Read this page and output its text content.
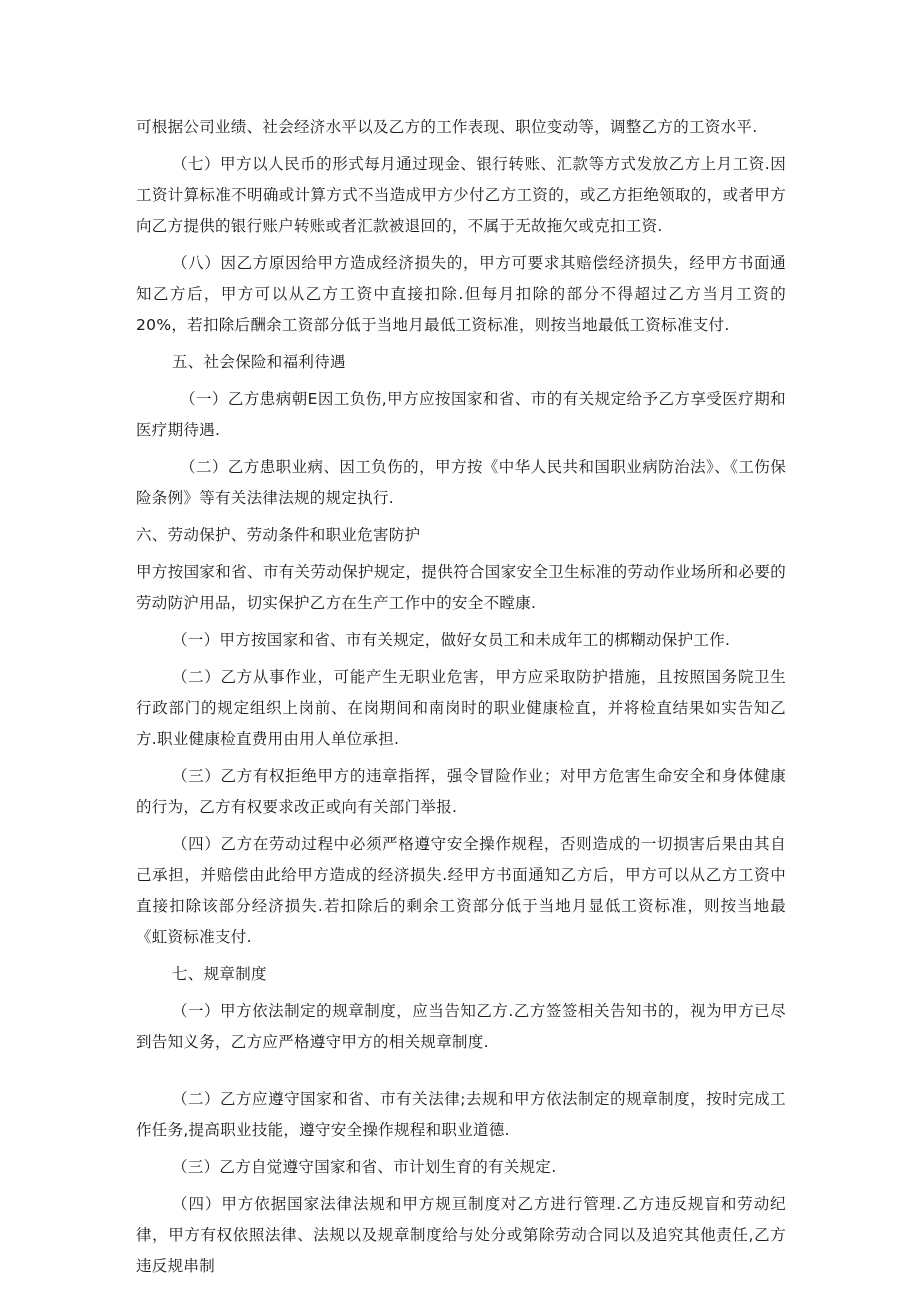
可根据公司业绩、社会经济水平以及乙方的工作表现、职位变动等，调整乙方的工资水平.

（七）甲方以人民币的形式每月通过现金、银行转账、汇款等方式发放乙方上月工资.因工资计算标准不明确或计算方式不当造成甲方少付乙方工资的，或乙方拒绝领取的，或者甲方向乙方提供的银行账户转账或者汇款被退回的，不属于无故拖欠或克扣工资.

（八）因乙方原因给甲方造成经济损失的，甲方可要求其赔偿经济损失，经甲方书面通知乙方后，甲方可以从乙方工资中直接扣除.但每月扣除的部分不得超过乙方当月工资的20%，若扣除后酬余工资部分低于当地月最低工资标准，则按当地最低工资标准支付.

五、社会保险和福利待遇

（一）乙方患病朝E因工负伤,甲方应按国家和省、市的有关规定给予乙方享受医疗期和医疗期待遇.

（二）乙方患职业病、因工负伤的，甲方按《中华人民共和国职业病防治法》、《工伤保险条例》等有关法律法规的规定执行.

六、劳动保护、劳动条件和职业危害防护

甲方按国家和省、市有关劳动保护规定，提供符合国家安全卫生标准的劳动作业场所和必要的劳动防沪用品，切实保护乙方在生产工作中的安全不瞠康.

（一）甲方按国家和省、市有关规定，做好女员工和未成年工的梆糊动保护工作.

（二）乙方从事作业，可能产生无职业危害，甲方应采取防护措施，且按照国务院卫生行政部门的规定组织上岗前、在岗期间和南岗时的职业健康检直，并将检直结果如实告知乙方.职业健康检直费用由用人单位承担.

（三）乙方有权拒绝甲方的违章指挥，强令冒险作业；对甲方危害生命安全和身体健康的行为，乙方有权要求改正或向有关部门举报.

（四）乙方在劳动过程中必须严格遵守安全操作规程，否则造成的一切损害后果由其自己承担，并赔偿由此给甲方造成的经济损失.经甲方书面通知乙方后，甲方可以从乙方工资中直接扣除该部分经济损失.若扣除后的剩余工资部分低于当地月显低工资标准，则按当地最《虹资标准支付.

七、规章制度

（一）甲方依法制定的规章制度，应当告知乙方.乙方签签相关告知书的，视为甲方已尽到告知义务，乙方应严格遵守甲方的相关规章制度.

（二）乙方应遵守国家和省、市有关法律;去规和甲方依法制定的规章制度，按时完成工作任务,提高职业技能，遵守安全操作规程和职业道德.

（三）乙方自觉遵守国家和省、市计划生育的有关规定.

（四）甲方依据国家法律法规和甲方规亘制度对乙方进行管理.乙方违反规盲和劳动纪律，甲方有权依照法律、法规以及规章制度给与处分或第除劳动合同以及追究其他责任,乙方违反规串制
